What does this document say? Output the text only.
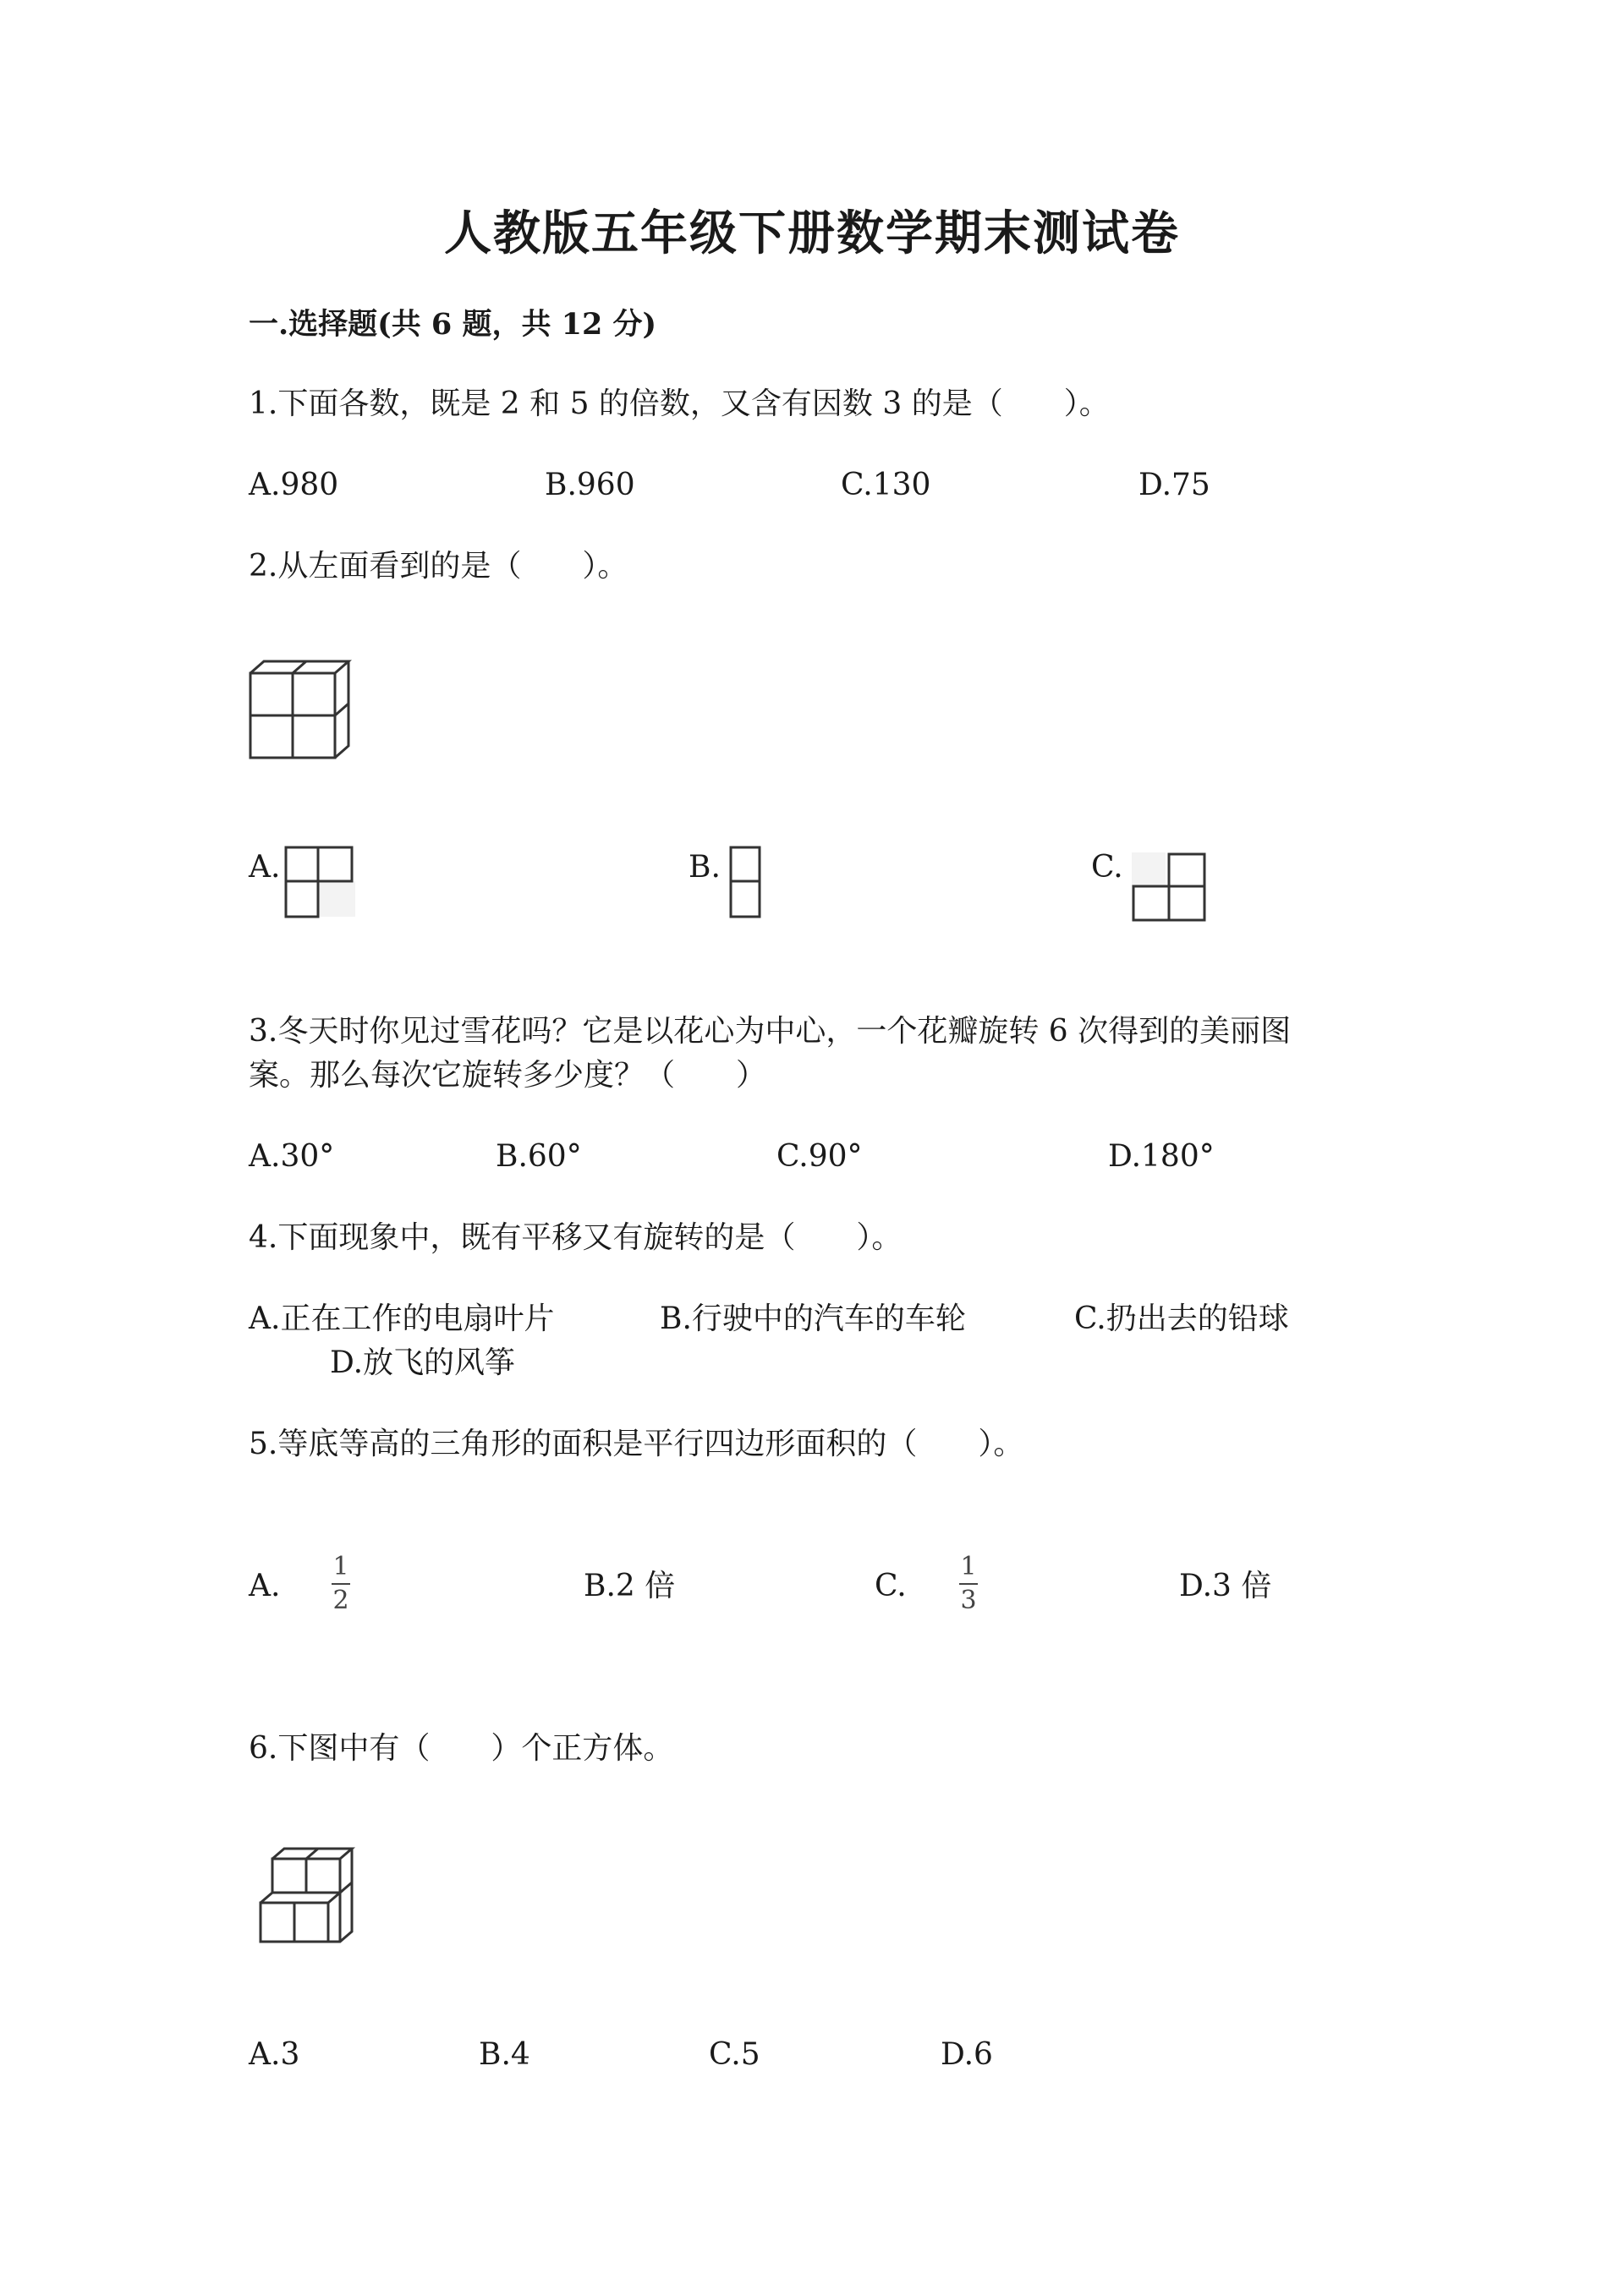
人教版五年级下册数学期末测试卷
一.选择题(共 6 题，共 12 分)
1.下面各数，既是 2 和 5 的倍数，又含有因数 3 的是（　　）。
A.980	B.960	C.130	D.75
2.从左面看到的是（　　）。
A.	B.	C.
3.冬天时你见过雪花吗？它是以花心为中心，一个花瓣旋转 6 次得到的美丽图
案。那么每次它旋转多少度？（　　）
A.30°	B.60°	C.90°	D.180°
4.下面现象中，既有平移又有旋转的是（　　）。
A.正在工作的电扇叶片	B.行驶中的汽车的车轮	C.扔出去的铅球
D.放飞的风筝
5.等底等高的三角形的面积是平行四边形面积的（　　）。
A.
1
2	B.2 倍	C.
1
3	D.3 倍
6.下图中有（　　）个正方体。
A.3	B.4	C.5	D.6
